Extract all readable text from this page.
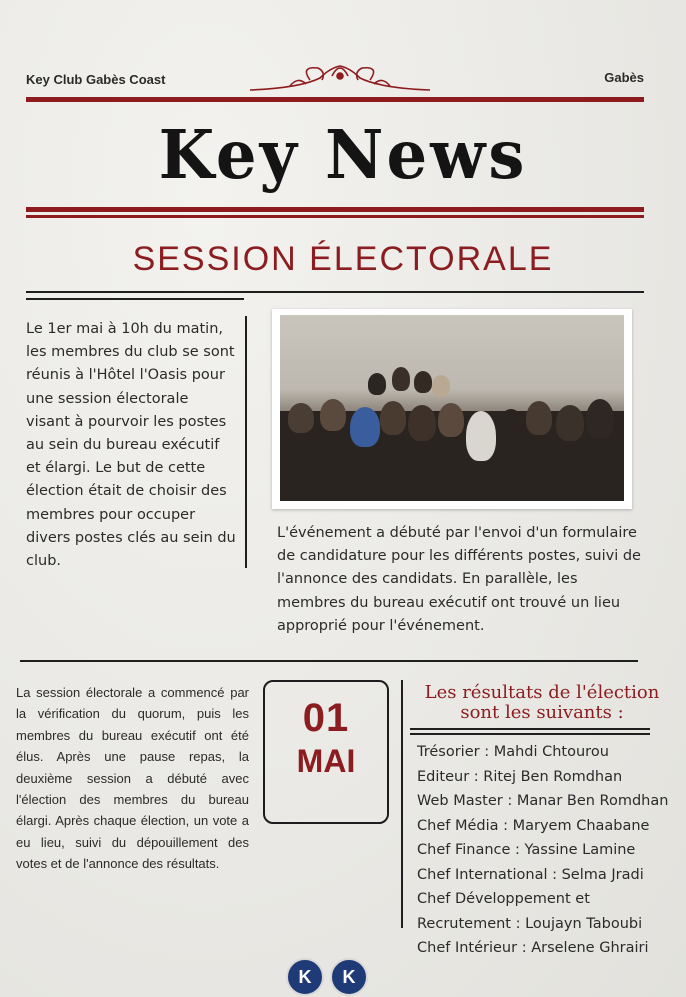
Key Club Gabès Coast	Gabès
Key News
SESSION ÉLECTORALE
Le 1er mai à 10h du matin, les membres du club se sont réunis à l'Hôtel l'Oasis pour une session électorale visant à pourvoir les postes au sein du bureau exécutif et élargi. Le but de cette élection était de choisir des membres pour occuper divers postes clés au sein du club.
L'événement a débuté par l'envoi d'un formulaire de candidature pour les différents postes, suivi de l'annonce des candidats. En parallèle, les membres du bureau exécutif ont trouvé un lieu approprié pour l'événement.
La session électorale a commencé par la vérification du quorum, puis les membres du bureau exécutif ont été élus. Après une pause repas, la deuxième session a débuté avec l'élection des membres du bureau élargi. Après chaque élection, un vote a eu lieu, suivi du dépouillement des votes et de l'annonce des résultats.
01
MAI
Les résultats de l'élection
sont les suivants :
Trésorier : Mahdi Chtourou
Editeur : Ritej Ben Romdhan
Web Master : Manar Ben Romdhan
Chef Média : Maryem Chaabane
Chef Finance : Yassine Lamine
Chef International : Selma Jradi
Chef Développement et
Recrutement : Loujayn Taboubi
Chef Intérieur : Arselene Ghrairi
K	K
